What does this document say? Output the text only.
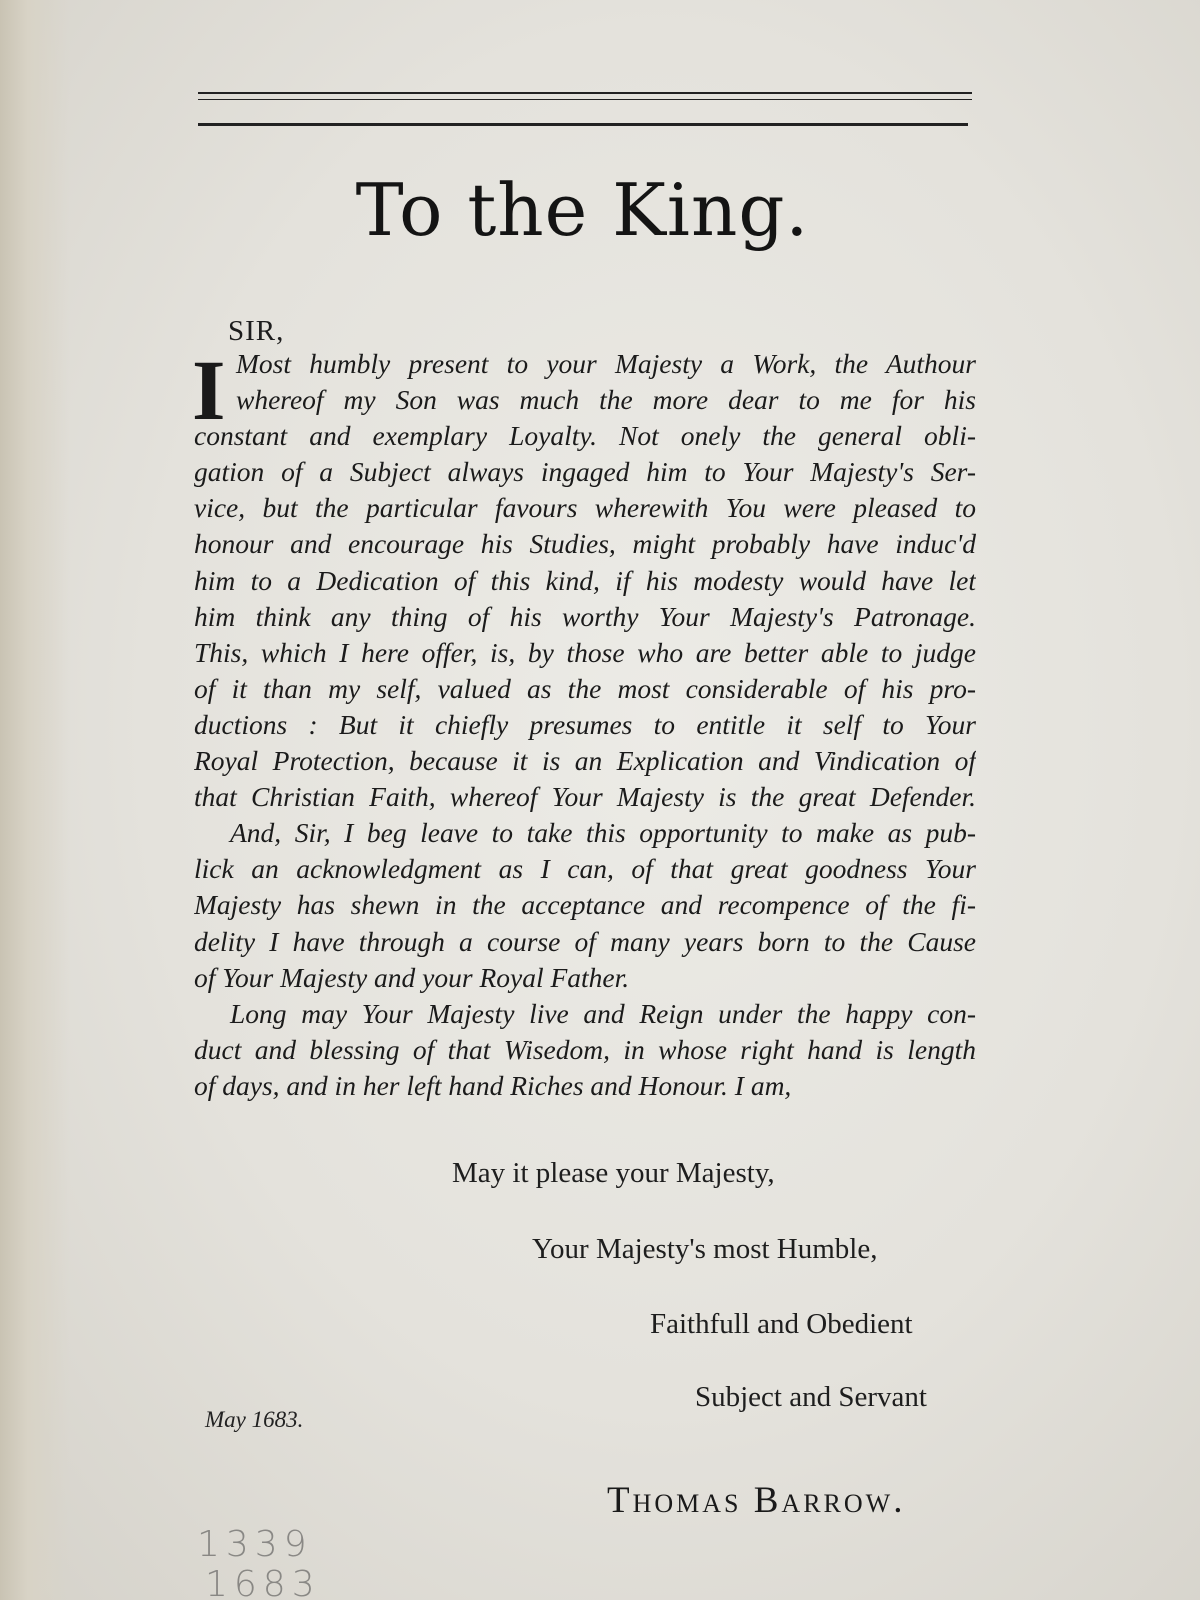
To the King.
SIR,
I Most humbly present to your Majesty a Work, the Authour
whereof my Son was much the more dear to me for his
constant and exemplary Loyalty. Not onely the general obli-
gation of a Subject always ingaged him to Your Majesty's Ser-
vice, but the particular favours wherewith You were pleased to
honour and encourage his Studies, might probably have induc'd
him to a Dedication of this kind, if his modesty would have let
him think any thing of his worthy Your Majesty's Patronage.
This, which I here offer, is, by those who are better able to judge
of it than my self, valued as the most considerable of his pro-
ductions : But it chiefly presumes to entitle it self to Your
Royal Protection, because it is an Explication and Vindication of
that Christian Faith, whereof Your Majesty is the great Defender.
And, Sir, I beg leave to take this opportunity to make as pub-
lick an acknowledgment as I can, of that great goodness Your
Majesty has shewn in the acceptance and recompence of the fi-
delity I have through a course of many years born to the Cause
of Your Majesty and your Royal Father.
Long may Your Majesty live and Reign under the happy con-
duct and blessing of that Wisedom, in whose right hand is length
of days, and in her left hand Riches and Honour. I am,
May it please your Majesty,
Your Majesty's most Humble,
Faithfull and Obedient
Subject and Servant
May 1683.
Thomas Barrow.
1339
1683
